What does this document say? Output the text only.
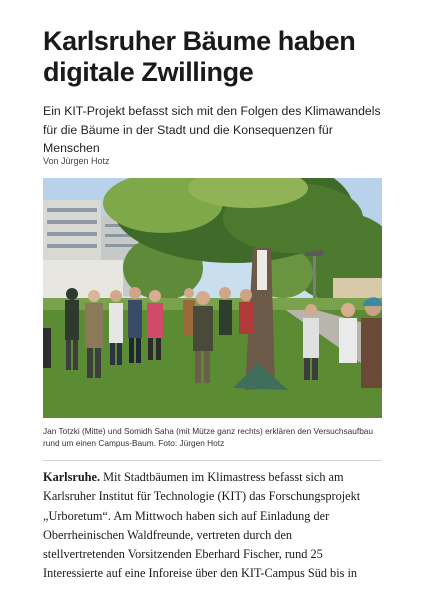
Karlsruher Bäume haben
digitale Zwillinge

Ein KIT-Projekt befasst sich mit den Folgen des Klimawandels für die Bäume in der Stadt und die Konsequenzen für Menschen

Von Jürgen Hotz

Jan Totzki (Mitte) und Somidh Saha (mit Mütze ganz rechts) erklären den Versuchsaufbau
rund um einen Campus-Baum. Foto: Jürgen Hotz

Karlsruhe. Mit Stadtbäumen im Klimastress befasst sich am
Karlsruher Institut für Technologie (KIT) das Forschungsprojekt
„Urboretum“. Am Mittwoch haben sich auf Einladung der
Oberrheinischen Waldfreunde, vertreten durch den
stellvertretenden Vorsitzenden Eberhard Fischer, rund 25
Interessierte auf eine Inforeise über den KIT-Campus Süd bis in
